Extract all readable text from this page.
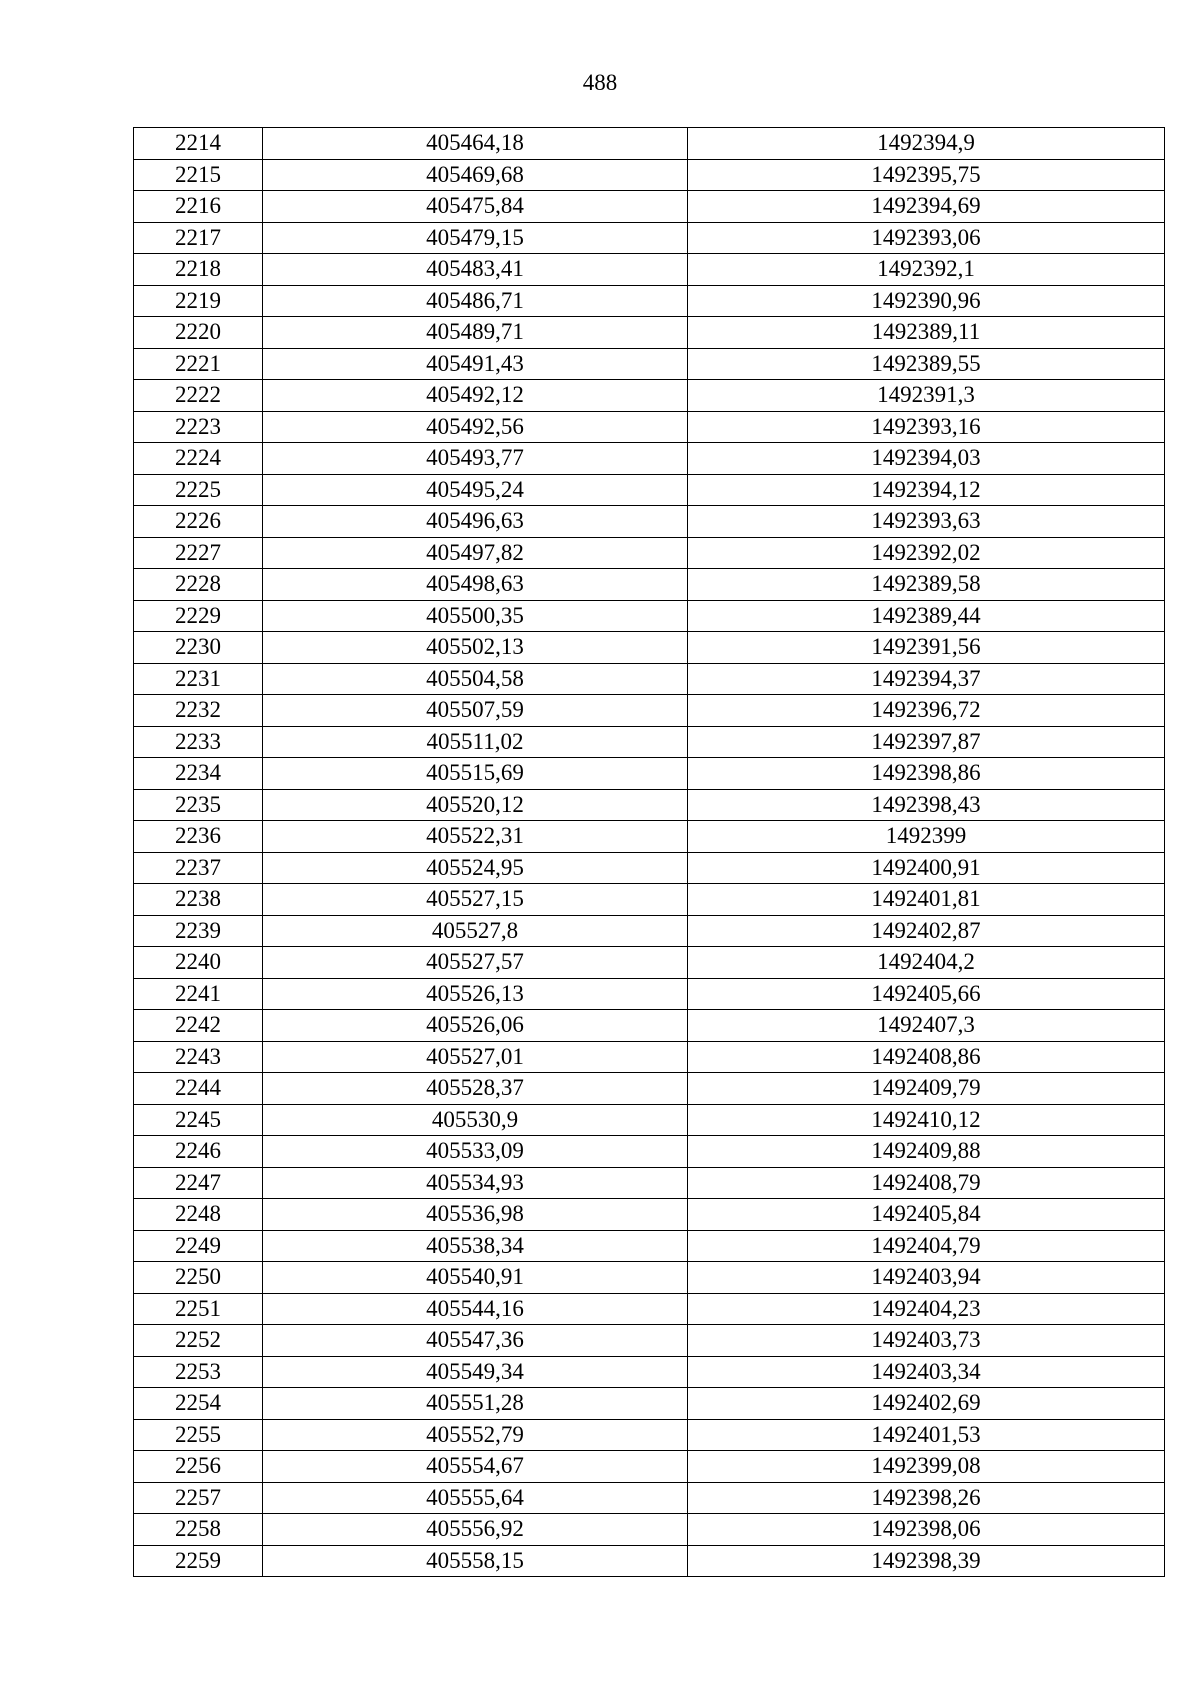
488
2214	405464,18	1492394,9
2215	405469,68	1492395,75
2216	405475,84	1492394,69
2217	405479,15	1492393,06
2218	405483,41	1492392,1
2219	405486,71	1492390,96
2220	405489,71	1492389,11
2221	405491,43	1492389,55
2222	405492,12	1492391,3
2223	405492,56	1492393,16
2224	405493,77	1492394,03
2225	405495,24	1492394,12
2226	405496,63	1492393,63
2227	405497,82	1492392,02
2228	405498,63	1492389,58
2229	405500,35	1492389,44
2230	405502,13	1492391,56
2231	405504,58	1492394,37
2232	405507,59	1492396,72
2233	405511,02	1492397,87
2234	405515,69	1492398,86
2235	405520,12	1492398,43
2236	405522,31	1492399
2237	405524,95	1492400,91
2238	405527,15	1492401,81
2239	405527,8	1492402,87
2240	405527,57	1492404,2
2241	405526,13	1492405,66
2242	405526,06	1492407,3
2243	405527,01	1492408,86
2244	405528,37	1492409,79
2245	405530,9	1492410,12
2246	405533,09	1492409,88
2247	405534,93	1492408,79
2248	405536,98	1492405,84
2249	405538,34	1492404,79
2250	405540,91	1492403,94
2251	405544,16	1492404,23
2252	405547,36	1492403,73
2253	405549,34	1492403,34
2254	405551,28	1492402,69
2255	405552,79	1492401,53
2256	405554,67	1492399,08
2257	405555,64	1492398,26
2258	405556,92	1492398,06
2259	405558,15	1492398,39
